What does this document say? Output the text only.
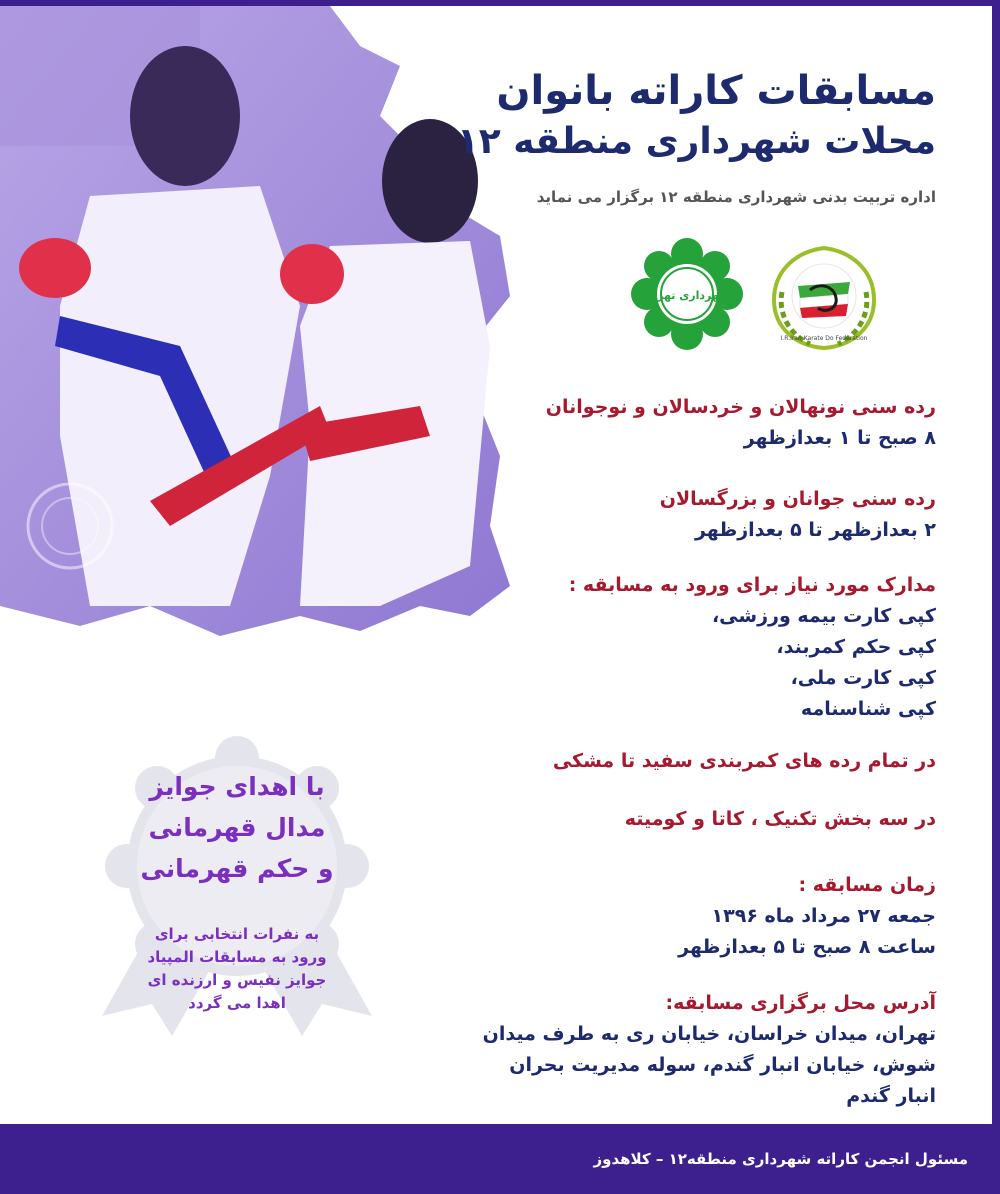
مسابقات کاراته بانوان
محلات شهرداری منطقه ۱۲
اداره تربیت بدنی شهرداری منطقه ۱۲ برگزار می نماید
I.R.Iran Karate Do Federation
شهرداری تهران
رده سنی نونهالان و خردسالان و نوجوانان
۸ صبح تا ۱ بعدازظهر
رده سنی جوانان و بزرگسالان
۲ بعدازظهر تا ۵ بعدازظهر
مدارک مورد نیاز برای ورود به مسابقه :
کپی کارت بیمه ورزشی،
کپی حکم کمربند،
کپی کارت ملی،
کپی شناسنامه
در تمام رده های کمربندی سفید تا مشکی
در سه بخش تکنیک ، کاتا و کومیته
زمان مسابقه :
جمعه ۲۷ مرداد ماه ۱۳۹۶
ساعت ۸ صبح تا ۵ بعدازظهر
آدرس محل برگزاری مسابقه:
تهران، میدان خراسان، خیابان ری به طرف میدان
شوش، خیابان انبار گندم، سوله مدیریت بحران
انبار گندم
با اهدای جوایز
مدال قهرمانی
و حکم قهرمانی
به نفرات انتخابی برای
ورود به مسابقات المپیاد
جوایز نفیس و ارزنده ای
اهدا می گردد
مسئول انجمن کاراته شهرداری منطقه۱۲ – کلاهدوز
